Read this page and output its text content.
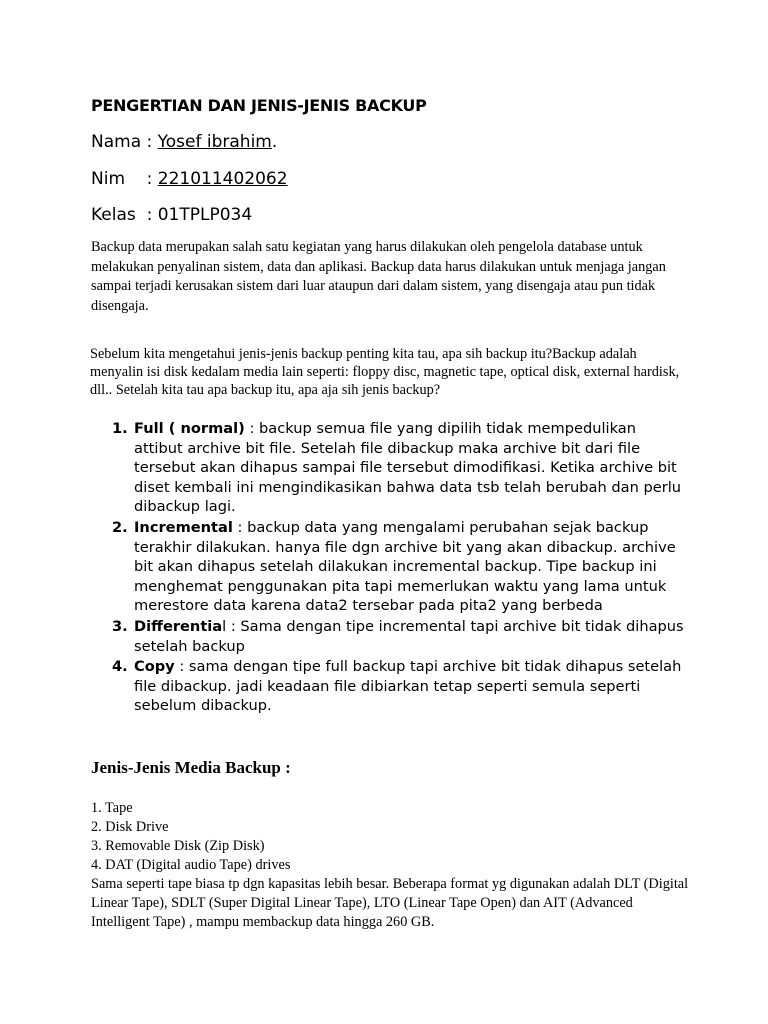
PENGERTIAN DAN JENIS-JENIS BACKUP
Nama : Yosef ibrahim.
Nim    : 221011402062
Kelas  : 01TPLP034
Backup data merupakan salah satu kegiatan yang harus dilakukan oleh pengelola database untuk melakukan penyalinan sistem, data dan aplikasi. Backup data harus dilakukan untuk menjaga jangan sampai terjadi kerusakan sistem dari luar ataupun dari dalam sistem, yang disengaja atau pun tidak disengaja.
Sebelum kita mengetahui jenis-jenis backup penting kita tau, apa sih backup itu?Backup adalah menyalin isi disk kedalam media lain seperti: floppy disc, magnetic tape, optical disk, external hardisk, dll.. Setelah kita tau apa backup itu, apa aja sih jenis backup?
1. Full ( normal) : backup semua file yang dipilih tidak mempedulikan attibut archive bit file. Setelah file dibackup maka archive bit dari file tersebut akan dihapus sampai file tersebut dimodifikasi. Ketika archive bit diset kembali ini mengindikasikan bahwa data tsb telah berubah dan perlu dibackup lagi.
2. Incremental : backup data yang mengalami perubahan sejak backup terakhir dilakukan. hanya file dgn archive bit yang akan dibackup. archive bit akan dihapus setelah dilakukan incremental backup. Tipe backup ini menghemat penggunakan pita tapi memerlukan waktu yang lama untuk merestore data karena data2 tersebar pada pita2 yang berbeda
3. Differential : Sama dengan tipe incremental tapi archive bit tidak dihapus setelah backup
4. Copy : sama dengan tipe full backup tapi archive bit tidak dihapus setelah file dibackup. jadi keadaan file dibiarkan tetap seperti semula seperti sebelum dibackup.
Jenis-Jenis Media Backup :
1. Tape
2. Disk Drive
3. Removable Disk (Zip Disk)
4. DAT (Digital audio Tape) drives
Sama seperti tape biasa tp dgn kapasitas lebih besar. Beberapa format yg digunakan adalah DLT (Digital Linear Tape), SDLT (Super Digital Linear Tape), LTO (Linear Tape Open) dan AIT (Advanced Intelligent Tape) , mampu membackup data hingga 260 GB.
